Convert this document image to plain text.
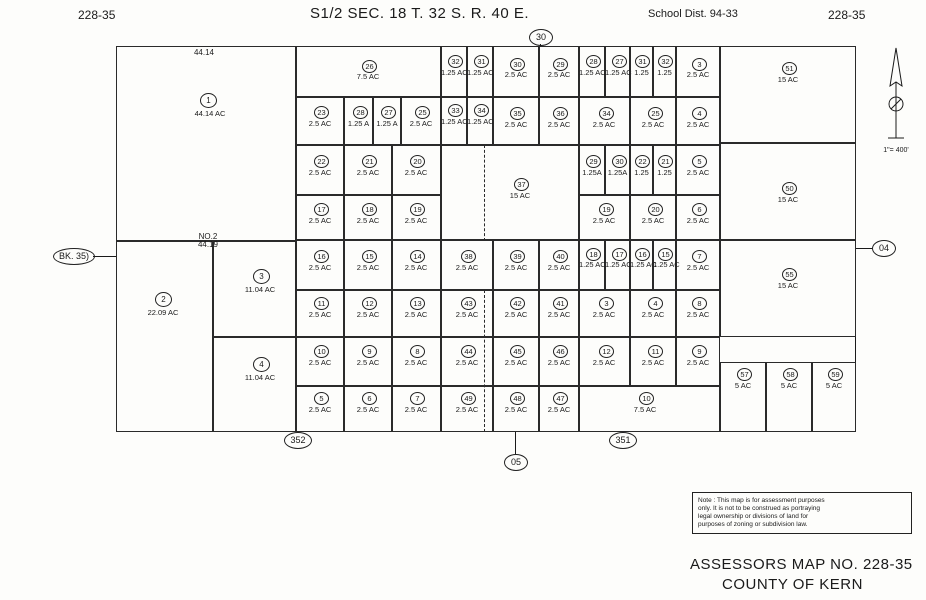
228-35	S1/2 SEC. 18 T. 32 S. R. 40 E.	School Dist. 94-33	228-35
1
44.14 AC
2
22.09 AC
3
11.04 AC
4
11.04 AC
44.14
NO.2
44.19
26
7.5 AC
32
1.25 AC
31
1.25 AC
30
2.5 AC
29
2.5 AC
28
1.25 AC
27
1.25 AC
31
1.25
32
1.25
3
2.5 AC
51
15 AC
23
2.5 AC
28
1.25 A
27
1.25 A
25
2.5 AC
33
1.25 AC
34
1.25 AC
35
2.5 AC
36
2.5 AC
34
2.5 AC
25
2.5 AC
4
2.5 AC
22
2.5 AC
21
2.5 AC
20
2.5 AC
37
15 AC
29
1.25A
30
1.25A
22
1.25
21
1.25
5
2.5 AC
50
15 AC
17
2.5 AC
18
2.5 AC
19
2.5 AC
19
2.5 AC
20
2.5 AC
6
2.5 AC
16
2.5 AC
15
2.5 AC
14
2.5 AC
38
2.5 AC
39
2.5 AC
40
2.5 AC
18
1.25 AC
17
1.25 AC
16
1.25 AC
15
1.25 AC
7
2.5 AC
55
15 AC
11
2.5 AC
12
2.5 AC
13
2.5 AC
43
2.5 AC
42
2.5 AC
41
2.5 AC
3
2.5 AC
4
2.5 AC
8
2.5 AC
10
2.5 AC
9
2.5 AC
8
2.5 AC
44
2.5 AC
45
2.5 AC
46
2.5 AC
12
2.5 AC
11
2.5 AC
9
2.5 AC
57
5 AC
58
5 AC
59
5 AC
5
2.5 AC
6
2.5 AC
7
2.5 AC
49
2.5 AC
48
2.5 AC
47
2.5 AC
10
7.5 AC
BK. 35)
04
30
05
352	351
1"= 400'
Note : This map is for assessment purposes
only. It is not to be construed as portraying
legal ownership or divisions of land for
purposes of zoning or subdivision law.
ASSESSORS MAP NO. 228-35
COUNTY OF KERN
